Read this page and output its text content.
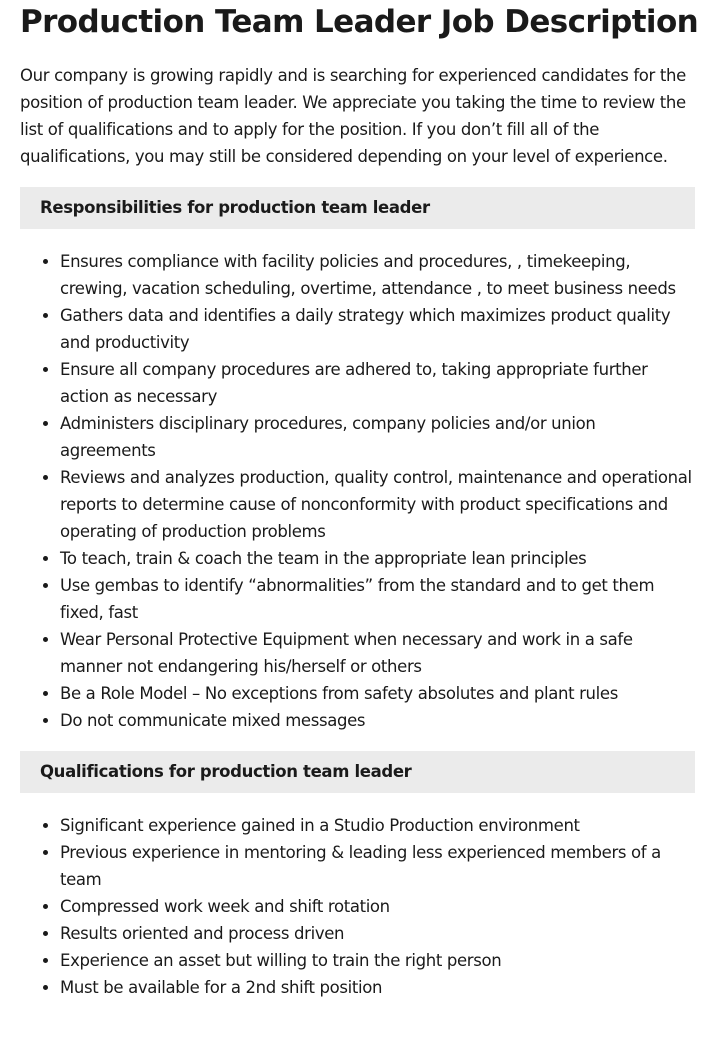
Production Team Leader Job Description

Our company is growing rapidly and is searching for experienced candidates for the position of production team leader. We appreciate you taking the time to review the list of qualifications and to apply for the position. If you don’t fill all of the qualifications, you may still be considered depending on your level of experience.

Responsibilities for production team leader
• Ensures compliance with facility policies and procedures, , timekeeping, crewing, vacation scheduling, overtime, attendance , to meet business needs
• Gathers data and identifies a daily strategy which maximizes product quality and productivity
• Ensure all company procedures are adhered to, taking appropriate further action as necessary
• Administers disciplinary procedures, company policies and/or union agreements
• Reviews and analyzes production, quality control, maintenance and operational reports to determine cause of nonconformity with product specifications and operating of production problems
• To teach, train & coach the team in the appropriate lean principles
• Use gembas to identify “abnormalities” from the standard and to get them fixed, fast
• Wear Personal Protective Equipment when necessary and work in a safe manner not endangering his/herself or others
• Be a Role Model – No exceptions from safety absolutes and plant rules
• Do not communicate mixed messages
Qualifications for production team leader
• Significant experience gained in a Studio Production environment
• Previous experience in mentoring & leading less experienced members of a team
• Compressed work week and shift rotation
• Results oriented and process driven
• Experience an asset but willing to train the right person
• Must be available for a 2nd shift position
